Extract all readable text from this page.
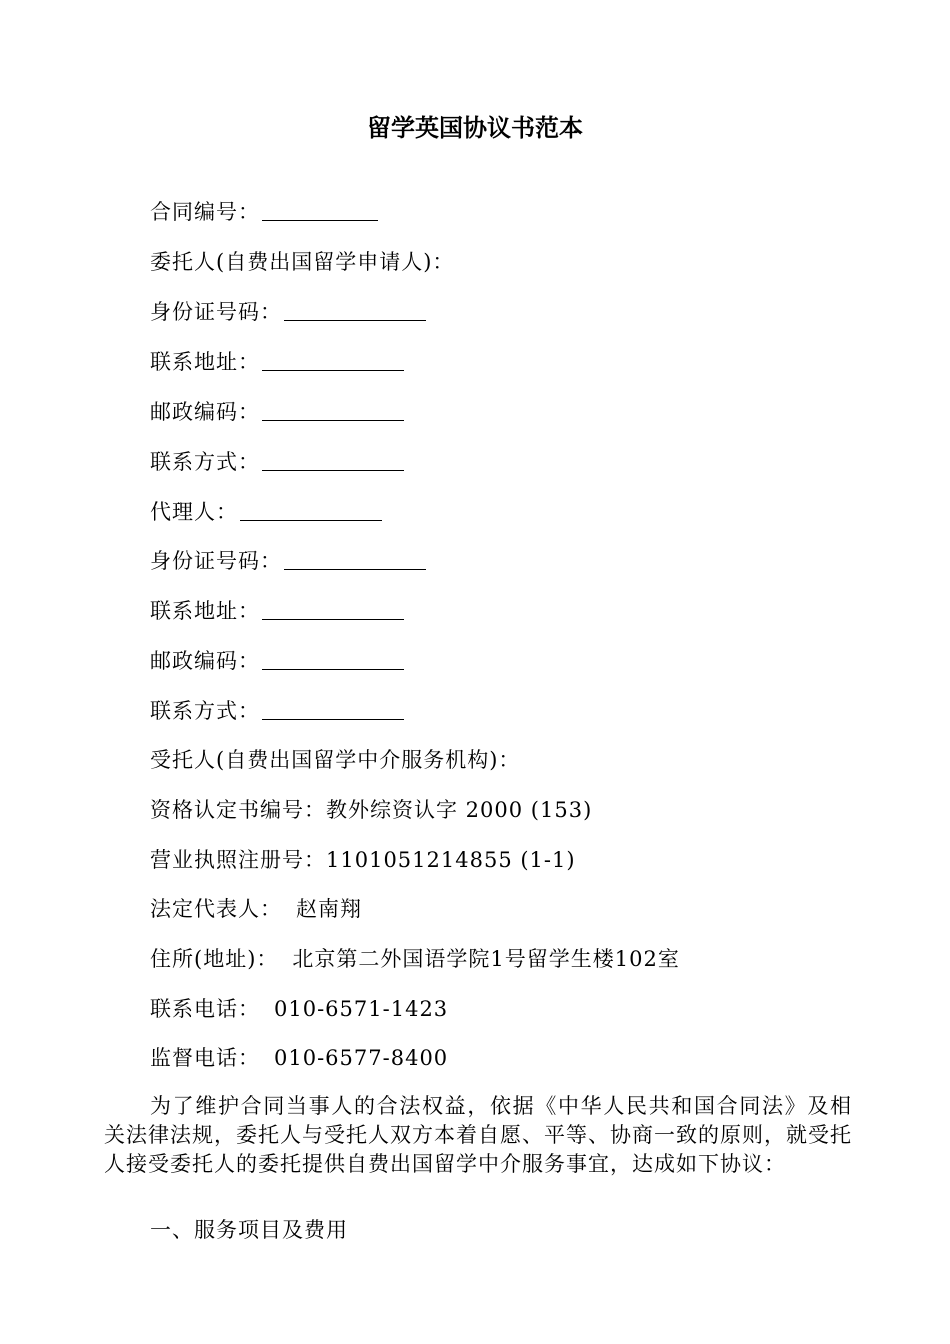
留学英国协议书范本
合同编号：
委托人(自费出国留学申请人)：
身份证号码：
联系地址：
邮政编码：
联系方式：
代理人：
身份证号码：
联系地址：
邮政编码：
联系方式：
受托人(自费出国留学中介服务机构)：
资格认定书编号：教外综资认字 2000 (153)
营业执照注册号：1101051214855 (1-1)
法定代表人： 赵南翔
住所(地址)： 北京第二外国语学院1号留学生楼102室
联系电话： 010-6571-1423
监督电话： 010-6577-8400
为了维护合同当事人的合法权益，依据《中华人民共和国合同法》及相关法律法规，委托人与受托人双方本着自愿、平等、协商一致的原则，就受托人接受委托人的委托提供自费出国留学中介服务事宜，达成如下协议：
一、服务项目及费用
